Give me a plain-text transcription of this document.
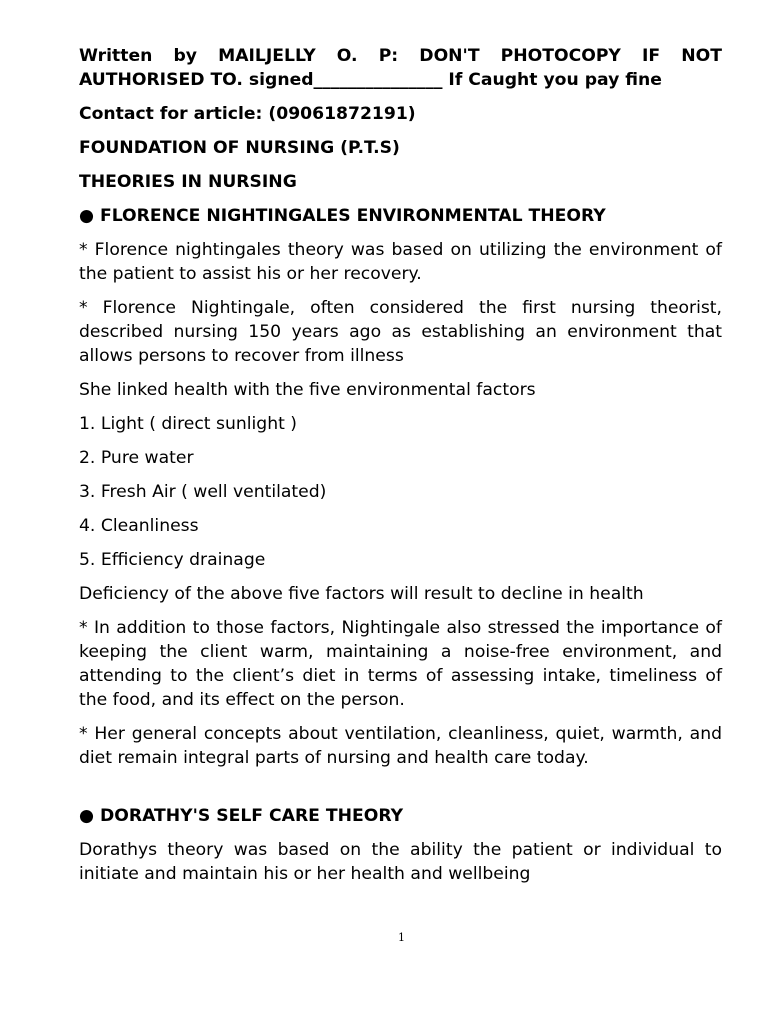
Written by MAILJELLY O. P: DON'T PHOTOCOPY IF NOT AUTHORISED TO. signed_______________ If Caught you pay fine

Contact for article: (09061872191)

FOUNDATION OF NURSING (P.T.S)

THEORIES IN NURSING

● FLORENCE NIGHTINGALES ENVIRONMENTAL THEORY

* Florence nightingales theory was based on utilizing the environment of the patient to assist his or her recovery.

* Florence Nightingale, often considered the first nursing theorist, described nursing 150 years ago as establishing an environment that allows persons to recover from illness

She linked health with the five environmental factors

1. Light ( direct sunlight )

2. Pure water

3. Fresh Air ( well ventilated)

4. Cleanliness

5. Efficiency drainage

Deficiency of the above five factors will result to decline in health

* In addition to those factors, Nightingale also stressed the importance of keeping the client warm, maintaining a noise-free environment, and attending to the client’s diet in terms of assessing intake, timeliness of the food, and its effect on the person.

* Her general concepts about ventilation, cleanliness, quiet, warmth, and diet remain integral parts of nursing and health care today.

● DORATHY'S SELF CARE THEORY

Dorathys theory was based on the ability the patient or individual to initiate and maintain his or her health and wellbeing

1
